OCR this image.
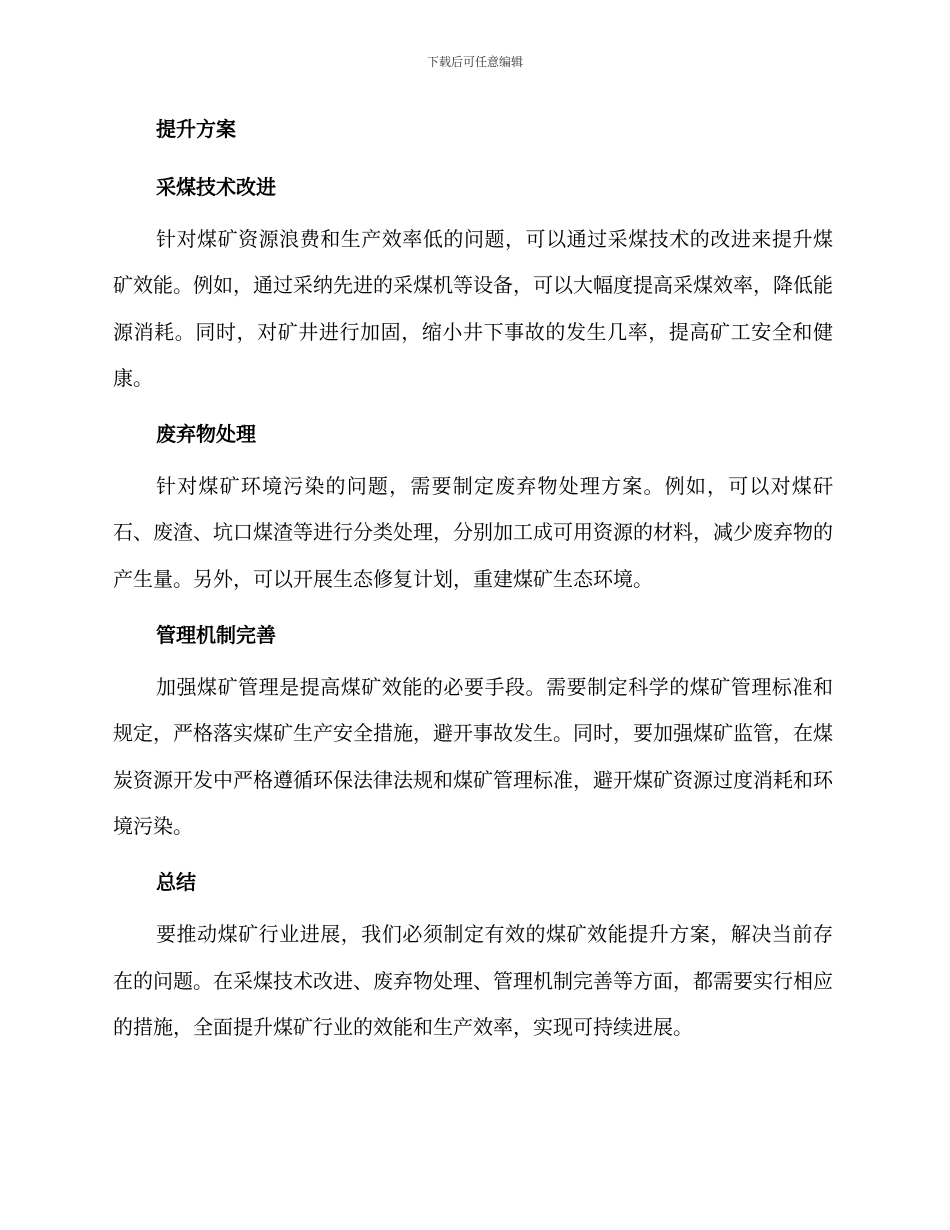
下载后可任意编辑
提升方案
采煤技术改进

针对煤矿资源浪费和生产效率低的问题，可以通过采煤技术的改进来提升煤矿效能。例如，通过采纳先进的采煤机等设备，可以大幅度提高采煤效率，降低能源消耗。同时，对矿井进行加固，缩小井下事故的发生几率，提高矿工安全和健康。

废弃物处理

针对煤矿环境污染的问题，需要制定废弃物处理方案。例如，可以对煤矸石、废渣、坑口煤渣等进行分类处理，分别加工成可用资源的材料，减少废弃物的产生量。另外，可以开展生态修复计划，重建煤矿生态环境。

管理机制完善

加强煤矿管理是提高煤矿效能的必要手段。需要制定科学的煤矿管理标准和规定，严格落实煤矿生产安全措施，避开事故发生。同时，要加强煤矿监管，在煤炭资源开发中严格遵循环保法律法规和煤矿管理标准，避开煤矿资源过度消耗和环境污染。

总结

要推动煤矿行业进展，我们必须制定有效的煤矿效能提升方案，解决当前存在的问题。在采煤技术改进、废弃物处理、管理机制完善等方面，都需要实行相应的措施，全面提升煤矿行业的效能和生产效率，实现可持续进展。
